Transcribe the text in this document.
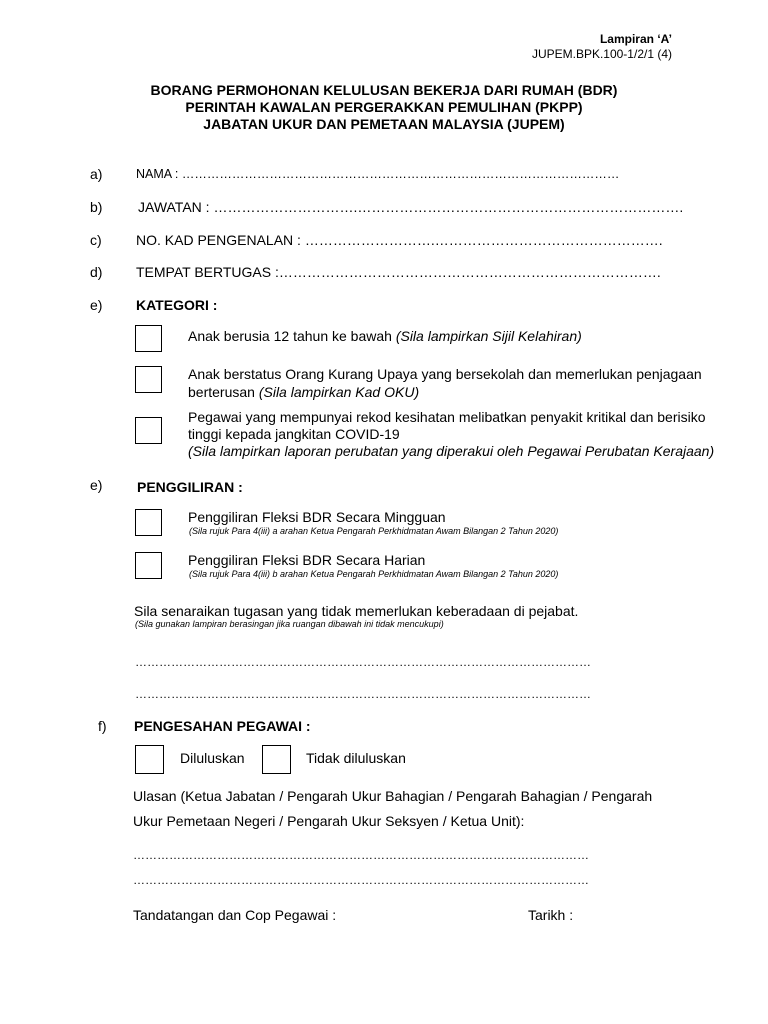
Lampiran ‘A’
JUPEM.BPK.100-1/2/1 (4)
BORANG PERMOHONAN KELULUSAN BEKERJA DARI RUMAH (BDR)
PERINTAH KAWALAN PERGERAKKAN PEMULIHAN (PKPP)
JABATAN UKUR DAN PEMETAAN MALAYSIA (JUPEM)
a)	NAMA : ……………………………………………………………………………………………
b)	JAWATAN : ………………………….…………………………………………………………….
c) NO. KAD PENGENALAN : ……………………….………………………………………….
d) TEMPAT BERTUGAS :……………………………………………………………………….
e) KATEGORI :
Anak berusia 12 tahun ke bawah (Sila lampirkan Sijil Kelahiran)
Anak berstatus Orang Kurang Upaya yang bersekolah dan memerlukan penjagaan
berterusan (Sila lampirkan Kad OKU)
Pegawai yang mempunyai rekod kesihatan melibatkan penyakit kritikal dan berisiko
tinggi kepada jangkitan COVID-19
(Sila lampirkan laporan perubatan yang diperakui oleh Pegawai Perubatan Kerajaan)
e) PENGGILIRAN :
Penggiliran Fleksi BDR Secara Mingguan
(Sila rujuk Para 4(iii) a arahan Ketua Pengarah Perkhidmatan Awam Bilangan 2 Tahun 2020)
Penggiliran Fleksi BDR Secara Harian
(Sila rujuk Para 4(iii) b arahan Ketua Pengarah Perkhidmatan Awam Bilangan 2 Tahun 2020)
Sila senaraikan tugasan yang tidak memerlukan keberadaan di pejabat.
(Sila gunakan lampiran berasingan jika ruangan dibawah ini tidak mencukupi)
……………………………………………………………………………………………………
……………………………………………………………………………………………………
f) PENGESAHAN PEGAWAI :
Diluluskan	Tidak diluluskan
Ulasan (Ketua Jabatan / Pengarah Ukur Bahagian / Pengarah Bahagian / Pengarah
Ukur Pemetaan Negeri / Pengarah Ukur Seksyen / Ketua Unit):
……………………………………………………………………………………………………
……………………………………………………………………………………………………
Tandatangan dan Cop Pegawai :	Tarikh :
